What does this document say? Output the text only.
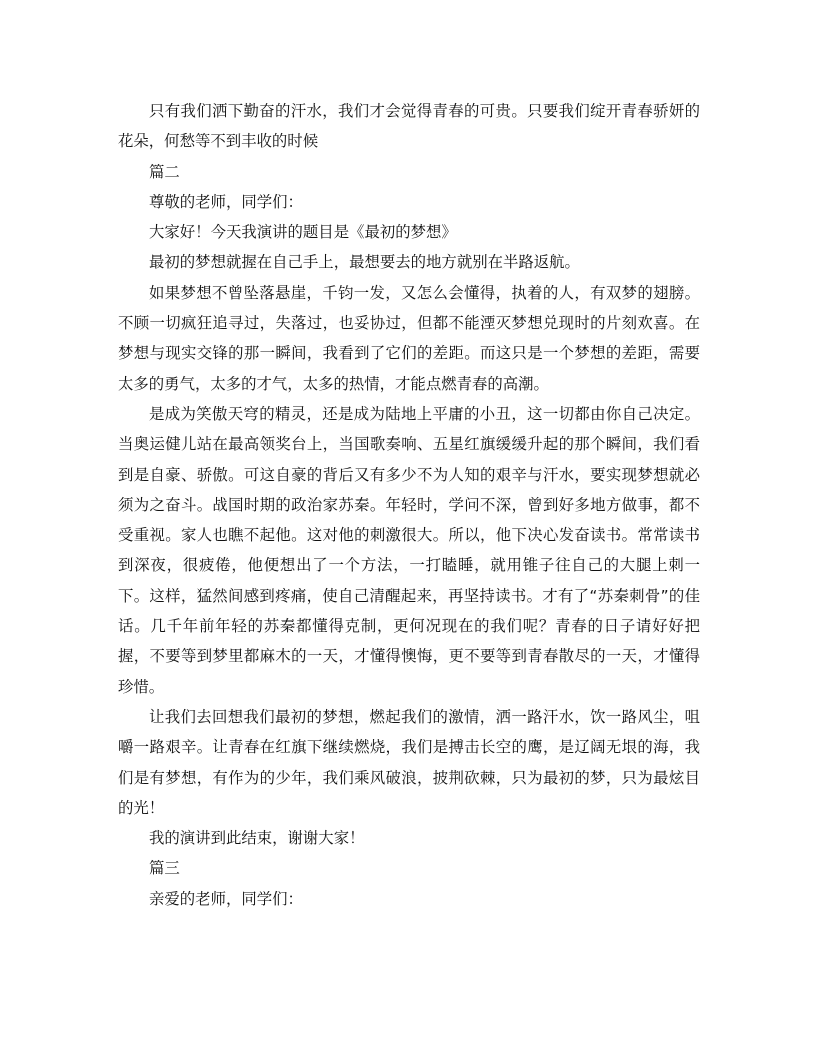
只有我们洒下勤奋的汗水，我们才会觉得青春的可贵。只要我们绽开青春骄妍的花朵，何愁等不到丰收的时候

篇二

尊敬的老师，同学们：

大家好！今天我演讲的题目是《最初的梦想》

最初的梦想就握在自己手上，最想要去的地方就别在半路返航。

如果梦想不曾坠落悬崖，千钧一发，又怎么会懂得，执着的人，有双梦的翅膀。不顾一切疯狂追寻过，失落过，也妥协过，但都不能湮灭梦想兑现时的片刻欢喜。在梦想与现实交锋的那一瞬间，我看到了它们的差距。而这只是一个梦想的差距，需要太多的勇气，太多的才气，太多的热情，才能点燃青春的高潮。

是成为笑傲天穹的精灵，还是成为陆地上平庸的小丑，这一切都由你自己决定。当奥运健儿站在最高领奖台上，当国歌奏响、五星红旗缓缓升起的那个瞬间，我们看到是自豪、骄傲。可这自豪的背后又有多少不为人知的艰辛与汗水，要实现梦想就必须为之奋斗。战国时期的政治家苏秦。年轻时，学问不深，曾到好多地方做事，都不受重视。家人也瞧不起他。这对他的刺激很大。所以，他下决心发奋读书。常常读书到深夜，很疲倦，他便想出了一个方法，一打瞌睡，就用锥子往自己的大腿上刺一下。这样，猛然间感到疼痛，使自己清醒起来，再坚持读书。才有了“苏秦刺骨”的佳话。几千年前年轻的苏秦都懂得克制，更何况现在的我们呢？青春的日子请好好把握，不要等到梦里都麻木的一天，才懂得懊悔，更不要等到青春散尽的一天，才懂得珍惜。

让我们去回想我们最初的梦想，燃起我们的激情，洒一路汗水，饮一路风尘，咀嚼一路艰辛。让青春在红旗下继续燃烧，我们是搏击长空的鹰，是辽阔无垠的海，我们是有梦想，有作为的少年，我们乘风破浪，披荆砍棘，只为最初的梦，只为最炫目的光！

我的演讲到此结束，谢谢大家！

篇三

亲爱的老师，同学们：
